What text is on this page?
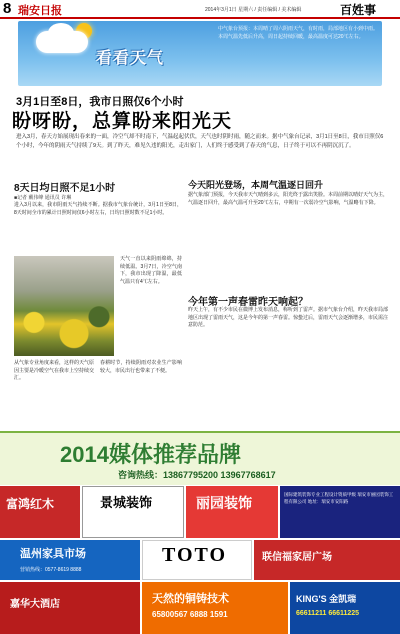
8 瑞安日报	2014年3月1日 星期六 / 责任编辑 / 美术编辑	百姓事
看看天气
中气象台预报：本周晴了周六阴雨天气，有时雨，局部地区有小到中雨。本周气温先低后升高，周日起持续回暖，最高温度可达20℃左右。
3月1日至8日，我市日照仅6个小时
盼呀盼，总算盼来阳光天
进入3月，春天方始展现出春来的一面，冷空气却不时南下，气温起起伏伏，天气也时阴时雨，随之而来。据中气象台记录，3月1日至8日，我市日照仅6个小时，今年的阴雨天气持续了9天。到了昨天，难见久违的阳光，走出家门，人们终于感受到了春天的气息，日子终于可以不再阴沉沉了。
8天日均日照不足1小时
■记者 戴伟峰 通讯员 许琳
进入3月以来，我市阴雨天气持续不断。据我市气象台统计，3月1日至8日，8天时间全市的累计日照时间仅6小时左右，日均日照时数不足1小时。
天气一直以来阴雨绵绵，持续低温。3月7日，冷空气南下，我市出现了降温，最低气温只有4℃左右。
从气象专业角度来看，这样的天气原因主要是冷暖空气在我市上空持续交汇。
春耕时节，持续阴雨对农业生产影响较大，市民出行也带来了不便。
今天阳光登场，本周气温逐日回升
据气象部门预报，今天我市天气晴到多云，阳光终于露出笑脸。本周前期以晴好天气为主，气温逐日回升，最高气温可升至20℃左右，中期有一次弱冷空气影响，气温略有下降。
今年第一声春雷昨天响起？
昨天上午，有不少市民在微博上发布消息，称听到了雷声。据市气象台介绍，昨天我市局部地区出现了雷雨天气，这是今年的第一声春雷。惊蛰过后，雷雨天气会逐渐增多，市民需注意防范。
2014媒体推荐品牌
咨询热线：13867795200 13967768617
富鸿红木	景城装饰	丽园装饰
国际建筑装饰专业工程设计资质甲级 瑞安市丽园装饰工程有限公司 地址：瑞安市安阳路
温州家具市场
营销热线：0577-8619 8888
TOTO	联信福家居广场
嘉华大酒店	天然的铜铸技术
65800567 6888 1591
KING'S 金凯瑞
66611211 66611225
